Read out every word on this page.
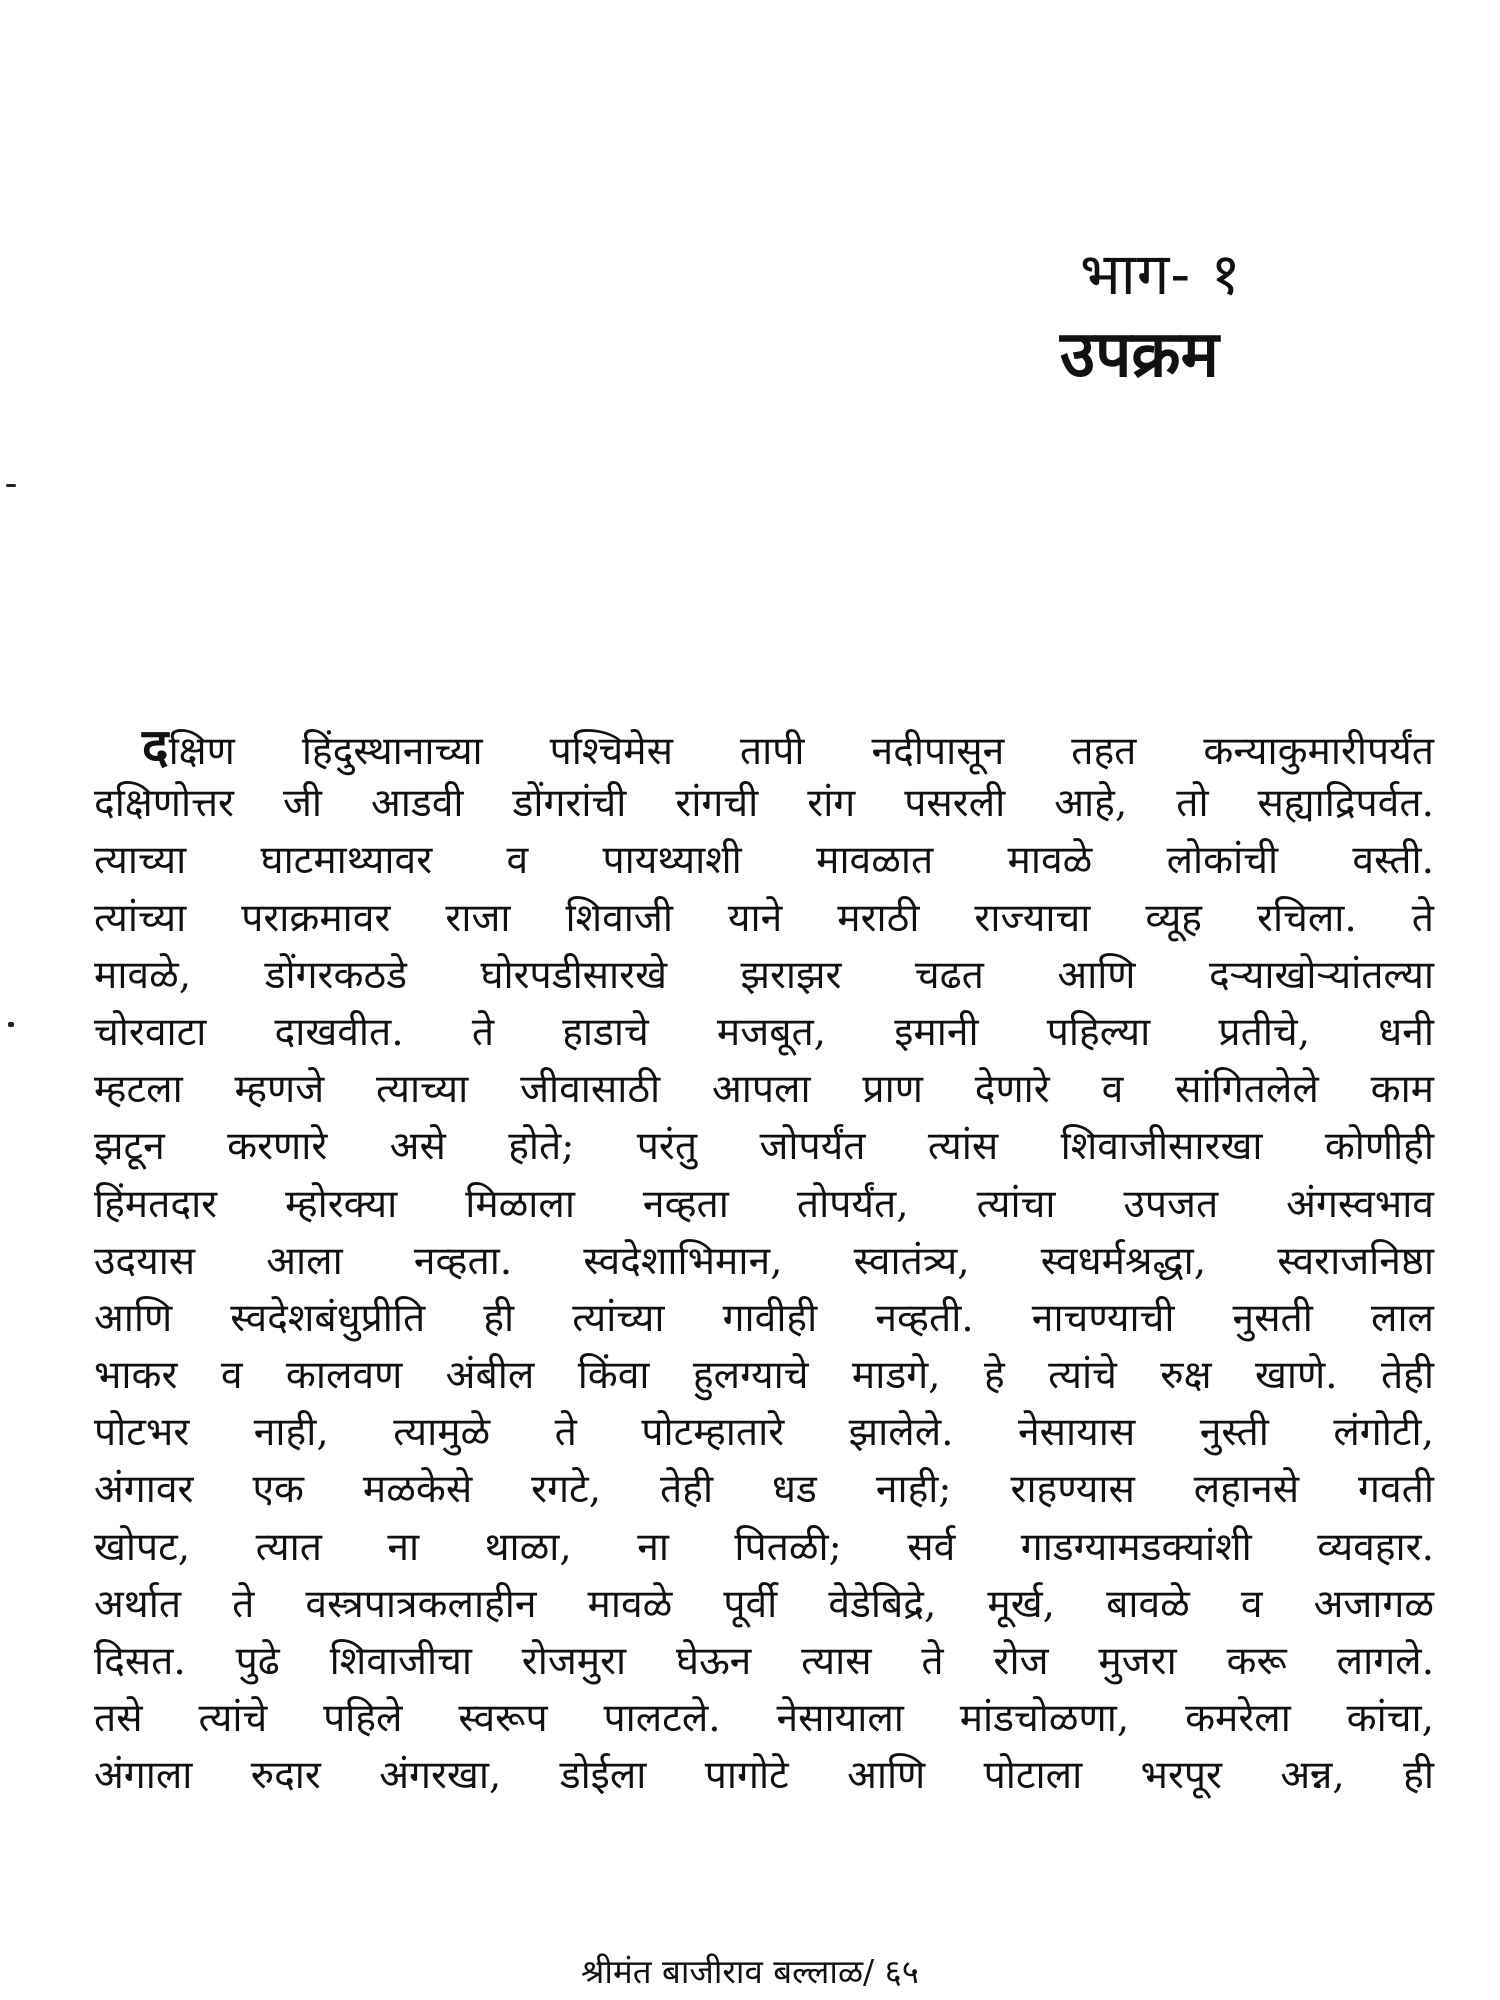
भाग- १
उपक्रम
दक्षिण हिंदुस्थानाच्या पश्चिमेस तापी नदीपासून तहत कन्याकुमारीपर्यंत
दक्षिणोत्तर जी आडवी डोंगरांची रांगची रांग पसरली आहे, तो सह्याद्रिपर्वत.
त्याच्या घाटमाथ्यावर व पायथ्याशी मावळात मावळे लोकांची वस्ती.
त्यांच्या पराक्रमावर राजा शिवाजी याने मराठी राज्याचा व्यूह रचिला. ते
मावळे, डोंगरकठडे घोरपडीसारखे झराझर चढत आणि दऱ्याखोऱ्यांतल्या
चोरवाटा दाखवीत. ते हाडाचे मजबूत, इमानी पहिल्या प्रतीचे, धनी
म्हटला म्हणजे त्याच्या जीवासाठी आपला प्राण देणारे व सांगितलेले काम
झटून करणारे असे होते; परंतु जोपर्यंत त्यांस शिवाजीसारखा कोणीही
हिंमतदार म्होरक्या मिळाला नव्हता तोपर्यंत, त्यांचा उपजत अंगस्वभाव
उदयास आला नव्हता. स्वदेशाभिमान, स्वातंत्र्य, स्वधर्मश्रद्धा, स्वराजनिष्ठा
आणि स्वदेशबंधुप्रीति ही त्यांच्या गावीही नव्हती. नाचण्याची नुसती लाल
भाकर व कालवण अंबील किंवा हुलग्याचे माडगे, हे त्यांचे रुक्ष खाणे. तेही
पोटभर नाही, त्यामुळे ते पोटम्हातारे झालेले. नेसायास नुस्ती लंगोटी,
अंगावर एक मळकेसे रगटे, तेही धड नाही; राहण्यास लहानसे गवती
खोपट, त्यात ना थाळा, ना पितळी; सर्व गाडग्यामडक्यांशी व्यवहार.
अर्थात ते वस्त्रपात्रकलाहीन मावळे पूर्वी वेडेबिद्रे, मूर्ख, बावळे व अजागळ
दिसत. पुढे शिवाजीचा रोजमुरा घेऊन त्यास ते रोज मुजरा करू लागले.
तसे त्यांचे पहिले स्वरूप पालटले. नेसायाला मांडचोळणा, कमरेला कांचा,
अंगाला रुदार अंगरखा, डोईला पागोटे आणि पोटाला भरपूर अन्न, ही
श्रीमंत बाजीराव बल्लाळ/ ६५
